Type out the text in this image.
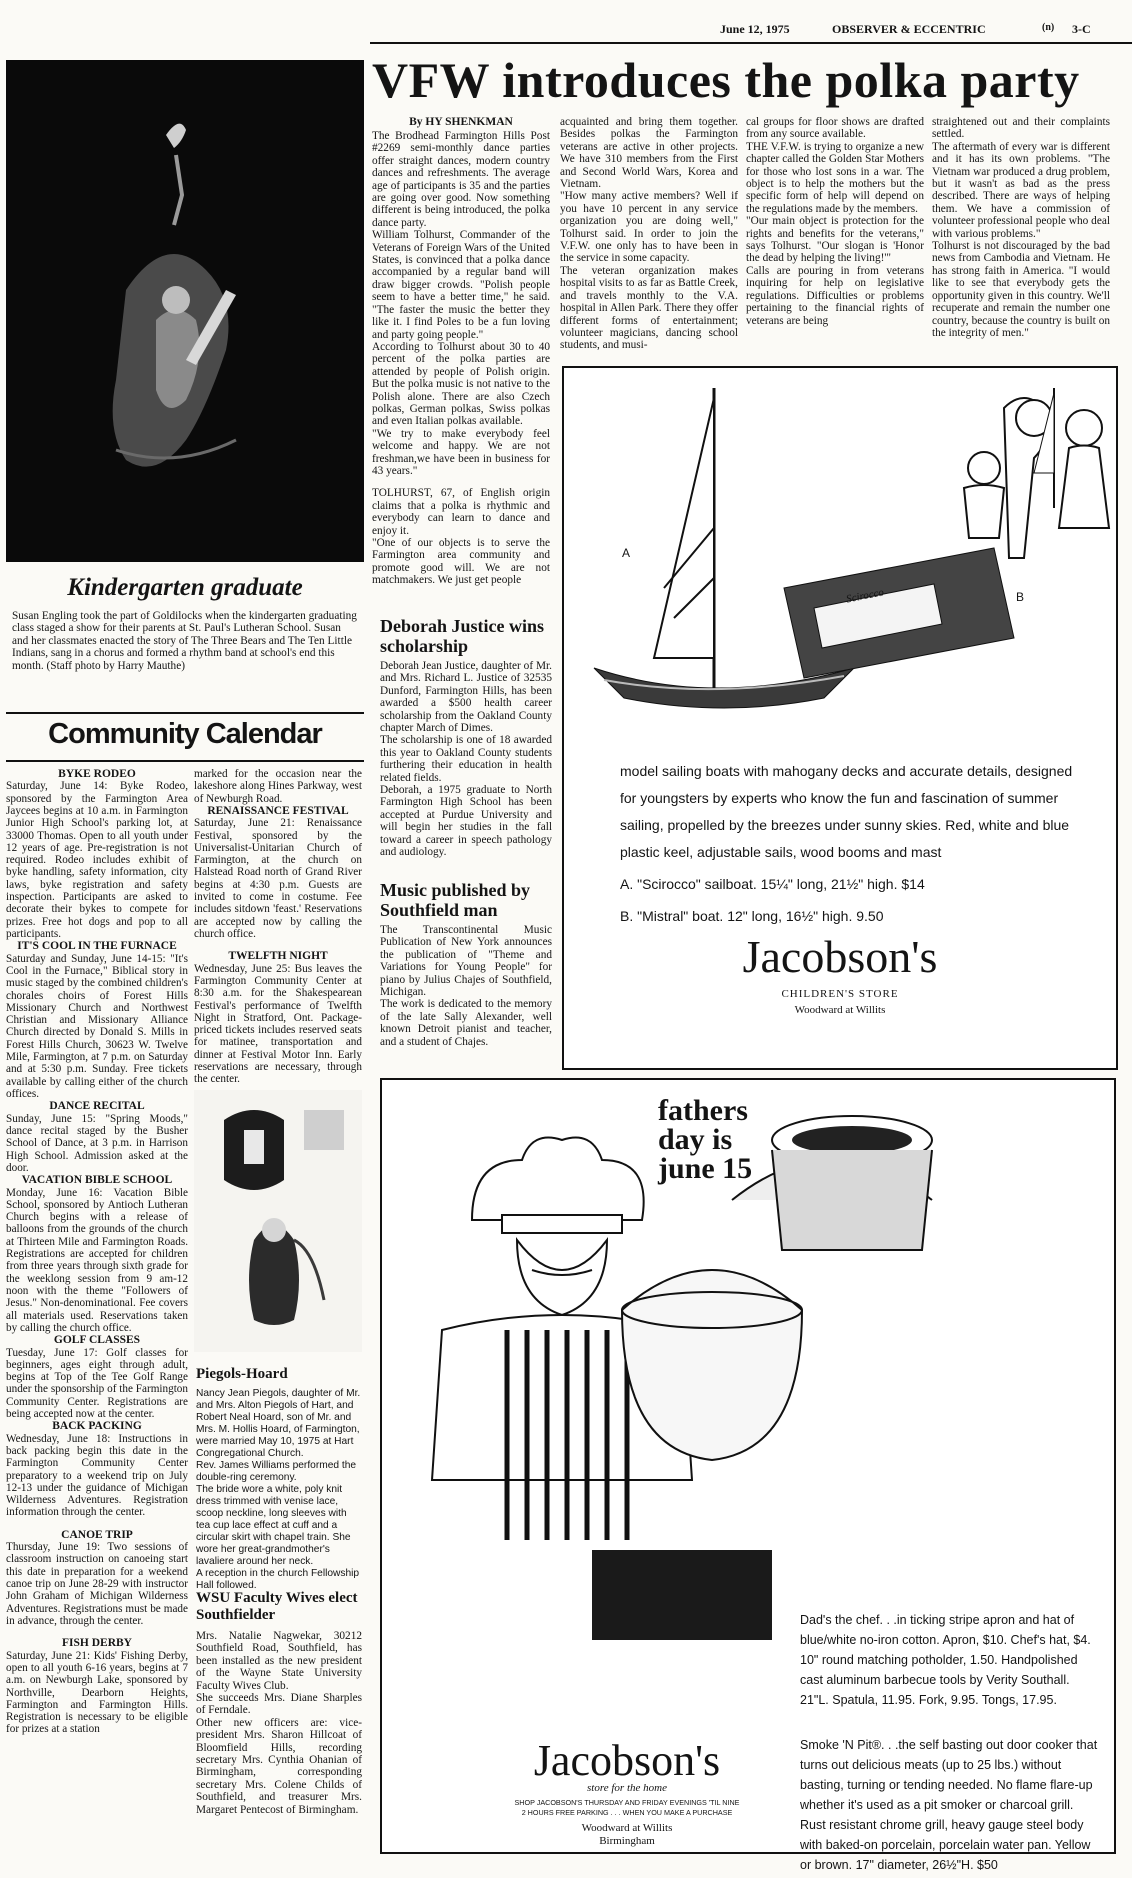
June 12, 1975	OBSERVER & ECCENTRIC	(n) 3-C
VFW introduces the polka party
By HY SHENKMAN
The Brodhead Farmington Hills Post #2269 semi-monthly dance parties offer straight dances, modern country dances and refreshments. The average age of participants is 35 and the parties are going over good. Now something different is being introduced, the polka dance party.
William Tolhurst, Commander of the Veterans of Foreign Wars of the United States, is convinced that a polka dance accompanied by a regular band will draw bigger crowds. "Polish people seem to have a better time," he said. "The faster the music the better they like it. I find Poles to be a fun loving and party going people."
According to Tolhurst about 30 to 40 percent of the polka parties are attended by people of Polish origin. But the polka music is not native to the Polish alone. There are also Czech polkas, German polkas, Swiss polkas and even Italian polkas available.
"We try to make everybody feel welcome and happy. We are not freshman,we have been in business for 43 years."
TOLHURST, 67, of English origin claims that a polka is rhythmic and everybody can learn to dance and enjoy it.
"One of our objects is to serve the Farmington area community and promote good will. We are not matchmakers. We just get people
acquainted and bring them together. Besides polkas the Farmington veterans are active in other projects. We have 310 members from the First and Second World Wars, Korea and Vietnam.
"How many active members? Well if you have 10 percent in any service organization you are doing well," Tolhurst said. In order to join the V.F.W. one only has to have been in the service in some capacity.
The veteran organization makes hospital visits to as far as Battle Creek, and travels monthly to the V.A. hospital in Allen Park. There they offer different forms of entertainment; volunteer magicians, dancing school students, and musi-
cal groups for floor shows are drafted from any source available.
THE V.F.W. is trying to organize a new chapter called the Golden Star Mothers for those who lost sons in a war. The object is to help the mothers but the specific form of help will depend on the regulations made by the members.
"Our main object is protection for the rights and benefits for the veterans," says Tolhurst. "Our slogan is 'Honor the dead by helping the living!'"
Calls are pouring in from veterans inquiring for help on legislative regulations. Difficulties or problems pertaining to the financial rights of veterans are being
straightened out and their complaints settled.
The aftermath of every war is different and it has its own problems. "The Vietnam war produced a drug problem, but it wasn't as bad as the press described. There are ways of helping them. We have a commission of volunteer professional people who deal with various problems."
Tolhurst is not discouraged by the bad news from Cambodia and Vietnam. He has strong faith in America. "I would like to see that everybody gets the opportunity given in this country. We'll recuperate and remain the number one country, because the country is built on the integrity of men."
Kindergarten graduate
Susan Engling took the part of Goldilocks when the kindergarten graduating class staged a show for their parents at St. Paul's Lutheran School. Susan and her classmates enacted the story of The Three Bears and The Ten Little Indians, sang in a chorus and formed a rhythm band at school's end this month. (Staff photo by Harry Mauthe)
Community Calendar
BYKE RODEO
Saturday, June 14: Byke Rodeo, sponsored by the Farmington Area Jaycees begins at 10 a.m. in Farmington Junior High School's parking lot, at 33000 Thomas. Open to all youth under 12 years of age. Pre-registration is not required. Rodeo includes exhibit of byke handling, safety information, city laws, byke registration and safety inspection. Participants are asked to decorate their bykes to compete for prizes. Free hot dogs and pop to all participants.
IT'S COOL IN THE FURNACE
Saturday and Sunday, June 14-15: "It's Cool in the Furnace," Biblical story in music staged by the combined children's chorales choirs of Forest Hills Missionary Church and Northwest Christian and Missionary Alliance Church directed by Donald S. Mills in Forest Hills Church, 30623 W. Twelve Mile, Farmington, at 7 p.m. on Saturday and at 5:30 p.m. Sunday. Free tickets available by calling either of the church offices.
DANCE RECITAL
Sunday, June 15: "Spring Moods," dance recital staged by the Busher School of Dance, at 3 p.m. in Harrison High School. Admission asked at the door.
VACATION BIBLE SCHOOL
Monday, June 16: Vacation Bible School, sponsored by Antioch Lutheran Church begins with a release of balloons from the grounds of the church at Thirteen Mile and Farmington Roads. Registrations are accepted for children from three years through sixth grade for the weeklong session from 9 am-12 noon with the theme "Followers of Jesus." Non-denominational. Fee covers all materials used. Reservations taken by calling the church office.
GOLF CLASSES
Tuesday, June 17: Golf classes for beginners, ages eight through adult, begins at Top of the Tee Golf Range under the sponsorship of the Farmington Community Center. Registrations are being accepted now at the center.
BACK PACKING
Wednesday, June 18: Instructions in back packing begin this date in the Farmington Community Center preparatory to a weekend trip on July 12-13 under the guidance of Michigan Wilderness Adventures. Registration information through the center.
CANOE TRIP
Thursday, June 19: Two sessions of classroom instruction on canoeing start this date in preparation for a weekend canoe trip on June 28-29 with instructor John Graham of Michigan Wilderness Adventures. Registrations must be made in advance, through the center.
FISH DERBY
Saturday, June 21: Kids' Fishing Derby, open to all youth 6-16 years, begins at 7 a.m. on Newburgh Lake, sponsored by Northville, Dearborn Heights, Farmington and Farmington Hills. Registration is necessary to be eligible for prizes at a station
marked for the occasion near the lakeshore along Hines Parkway, west of Newburgh Road.
RENAISSANCE FESTIVAL
Saturday, June 21: Renaissance Festival, sponsored by the Universalist-Unitarian Church of Farmington, at the church on Halstead Road north of Grand River begins at 4:30 p.m. Guests are invited to come in costume. Fee includes sitdown 'feast.' Reservations are accepted now by calling the church office.
TWELFTH NIGHT
Wednesday, June 25: Bus leaves the Farmington Community Center at 8:30 a.m. for the Shakespearean Festival's performance of Twelfth Night in Stratford, Ont. Package-priced tickets includes reserved seats for matinee, transportation and dinner at Festival Motor Inn. Early reservations are necessary, through the center.
Piegols-Hoard
Nancy Jean Piegols, daughter of Mr. and Mrs. Alton Piegols of Hart, and Robert Neal Hoard, son of Mr. and Mrs. M. Hollis Hoard, of Farmington, were married May 10, 1975 at Hart Congregational Church.
Rev. James Williams performed the double-ring ceremony.
The bride wore a white, poly knit dress trimmed with venise lace, scoop neckline, long sleeves with tea cup lace effect at cuff and a circular skirt with chapel train. She wore her great-grandmother's lavaliere around her neck.
A reception in the church Fellowship Hall followed.
WSU Faculty Wives elect Southfielder
Mrs. Natalie Nagwekar, 30212 Southfield Road, Southfield, has been installed as the new president of the Wayne State University Faculty Wives Club.
She succeeds Mrs. Diane Sharples of Ferndale.
Other new officers are: vice-president Mrs. Sharon Hillcoat of Bloomfield Hills, recording secretary Mrs. Cynthia Ohanian of Birmingham, corresponding secretary Mrs. Colene Childs of Southfield, and treasurer Mrs. Margaret Pentecost of Birmingham.
Deborah Justice wins scholarship
Deborah Jean Justice, daughter of Mr. and Mrs. Richard L. Justice of 32535 Dunford, Farmington Hills, has been awarded a $500 health career scholarship from the Oakland County chapter March of Dimes.
The scholarship is one of 18 awarded this year to Oakland County students furthering their education in health related fields.
Deborah, a 1975 graduate to North Farmington High School has been accepted at Purdue University and will begin her studies in the fall toward a career in speech pathology and audiology.
Music published by Southfield man
The Transcontinental Music Publication of New York announces the publication of "Theme and Variations for Young People" for piano by Julius Chajes of Southfield, Michigan.
The work is dedicated to the memory of the late Sally Alexander, well known Detroit pianist and teacher, and a student of Chajes.
A
B
Scirocco
model sailing boats with mahogany decks and accurate details, designed for youngsters by experts who know the fun and fascination of summer sailing, propelled by the breezes under sunny skies. Red, white and blue plastic keel, adjustable sails, wood booms and mast
A. "Scirocco" sailboat. 15¼" long, 21½" high. $14
B. "Mistral" boat. 12" long, 16½" high. 9.50
Jacobson's
CHILDREN'S STORE
Woodward at Willits
fathers day is june 15
Dad's the chef. . .in ticking stripe apron and hat of blue/white no-iron cotton. Apron, $10. Chef's hat, $4. 10" round matching potholder, 1.50. Handpolished cast aluminum barbecue tools by Verity Southall. 21"L. Spatula, 11.95. Fork, 9.95. Tongs, 17.95.
Smoke 'N Pit®. . .the self basting out door cooker that turns out delicious meats (up to 25 lbs.) without basting, turning or tending needed. No flame flare-up whether it's used as a pit smoker or charcoal grill. Rust resistant chrome grill, heavy gauge steel body with baked-on porcelain, porcelain water pan. Yellow or brown. 17" diameter, 26½"H. $50
Jacobson's
store for the home
SHOP JACOBSON'S THURSDAY AND FRIDAY EVENINGS 'TIL NINE
2 HOURS FREE PARKING . . . WHEN YOU MAKE A PURCHASE
Woodward at Willits
Birmingham
